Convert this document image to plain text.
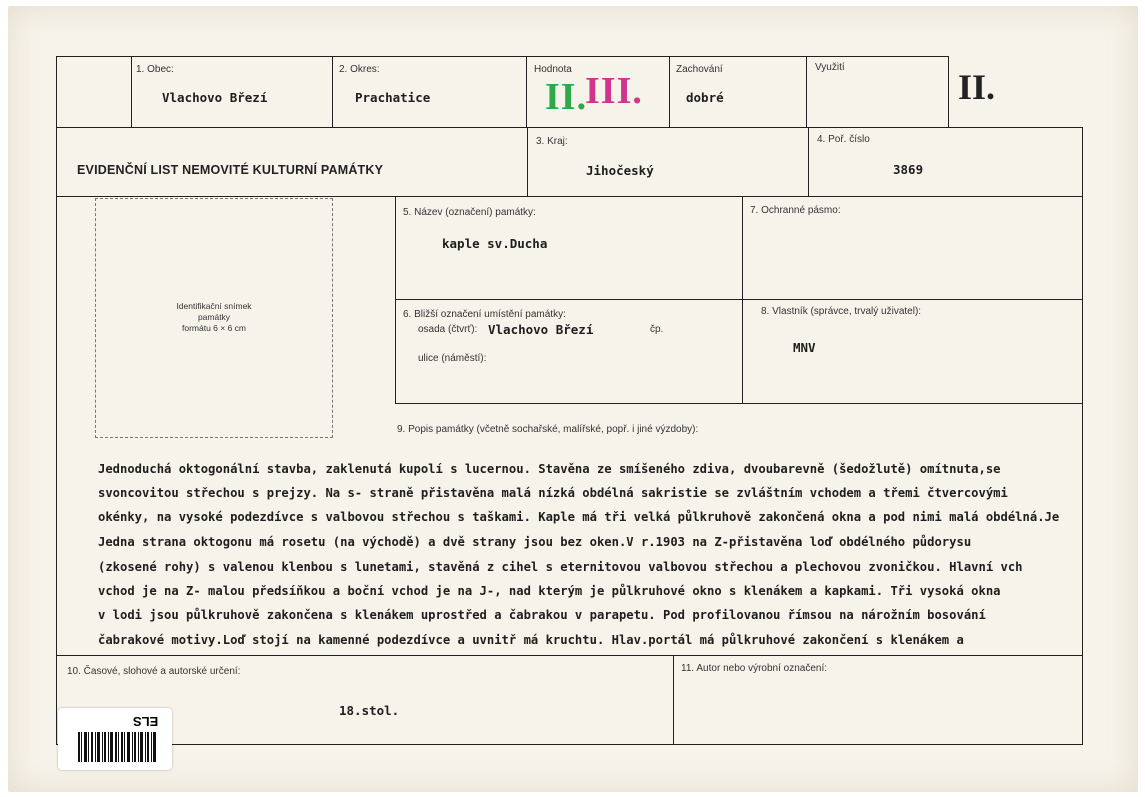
1. Obec:
Vlachovo Březí
2. Okres:
Prachatice
Hodnota
II.
III.
Zachování
dobré
Využití	II.
EVIDENČNÍ LIST NEMOVITÉ KULTURNÍ PAMÁTKY
3. Kraj:
Jihočeský
4. Poř. číslo
3869
Identifikační snímek
památky
formátu 6 × 6 cm
5. Název (označení) památky:
kaple sv.Ducha
7. Ochranné pásmo:
6. Bližší označení umístění památky:
osada (čtvrť): Vlachovo Březí	čp.
ulice (náměstí):
8. Vlastník (správce, trvalý uživatel):
MNV
9. Popis památky (včetně sochařské, malířské, popř. i jiné výzdoby):
Jednoduchá oktogonální stavba, zaklenutá kupolí s lucernou. Stavěna ze smíšeného zdiva, dvoubarevně (šedožlutě) omítnuta,se
svoncovitou střechou s prejzy. Na s- straně přistavěna malá nízká obdélná sakristie se zvláštním vchodem a třemi čtvercovými
okénky, na vysoké podezdívce s valbovou střechou s taškami. Kaple má tři velká půlkruhově zakončená okna a pod nimi malá obdélná.Je
Jedna strana oktogonu má rosetu (na východě) a dvě strany jsou bez oken.V r.1903 na Z-přistavěna loď obdélného půdorysu
(zkosené rohy) s valenou klenbou s lunetami, stavěná z cihel s eternitovou valbovou střechou a plechovou zvoničkou. Hlavní vch
vchod je na Z- malou předsíňkou a boční vchod je na J-, nad kterým je půlkruhové okno s klenákem a kapkami. Tři vysoká okna
v lodi jsou půlkruhově zakončena s klenákem uprostřed a čabrakou v parapetu. Pod profilovanou římsou na nárožním bosování
čabrakové motivy.Loď stojí na kamenné podezdívce a uvnitř má kruchtu. Hlav.portál má půlkruhové zakončení s klenákem a
10. Časové, slohové a autorské určení:
18.stol.
11. Autor nebo výrobní označení:
ELS
